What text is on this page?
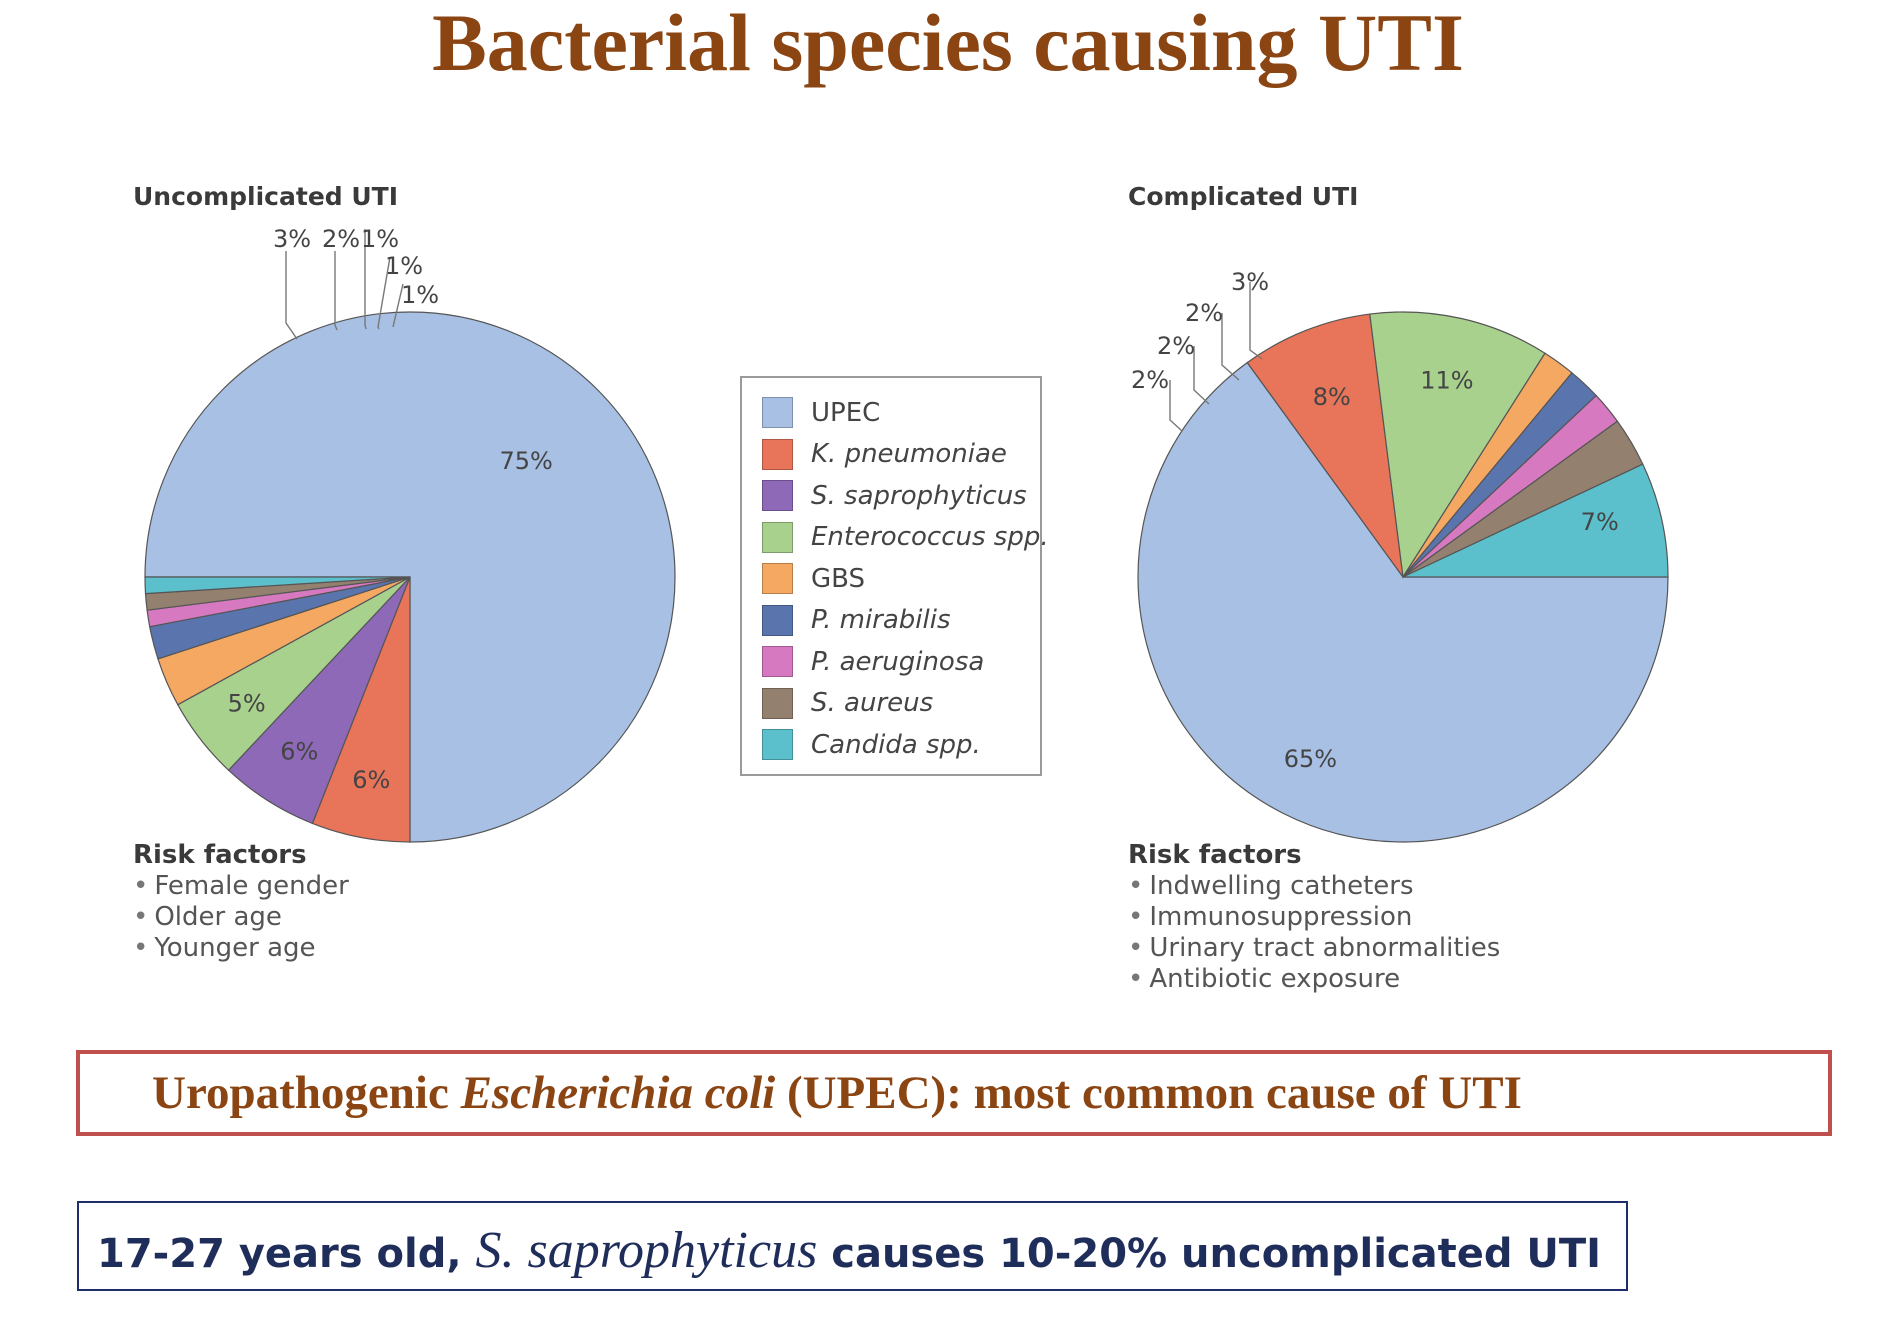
Bacterial species causing UTI
Uncomplicated UTI	Complicated UTI
75%
6%
6%
5%
3% 2% 1%
1%
1%
65%
8%
11%
7%
2%
2%
2%
3%
UPEC
K. pneumoniae
S. saprophyticus
Enterococcus spp.
GBS
P. mirabilis
P. aeruginosa
S. aureus
Candida spp.
Risk factors
• Female gender
• Older age
• Younger age
Risk factors
• Indwelling catheters
• Immunosuppression
• Urinary tract abnormalities
• Antibiotic exposure
Uropathogenic Escherichia coli (UPEC): most common cause of UTI
17-27 years old, S. saprophyticus causes 10-20% uncomplicated UTI
